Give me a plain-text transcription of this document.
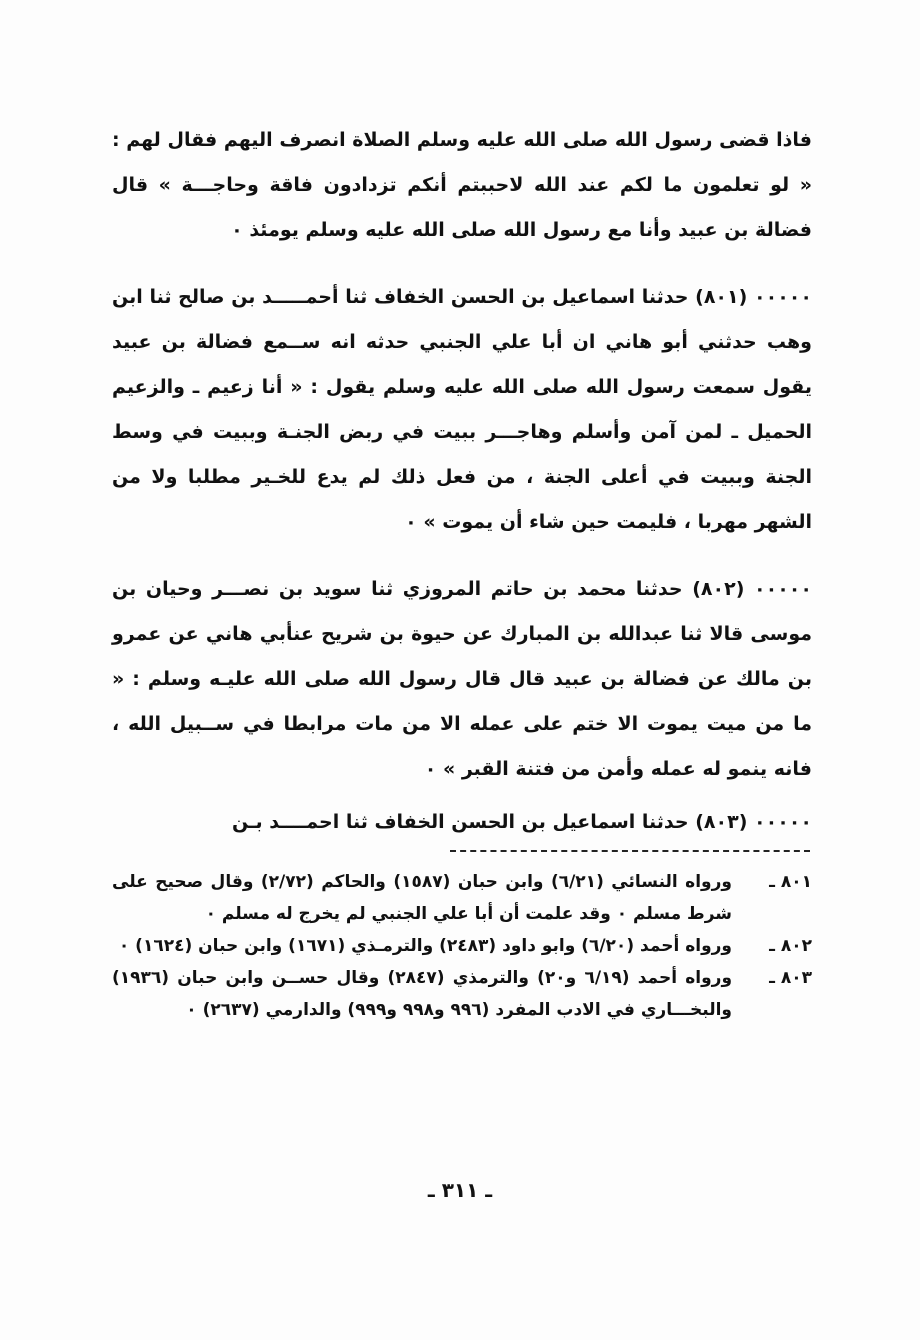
فاذا قضى رسول الله صلى الله عليه وسلم الصلاة انصرف اليهم فقال لهم : « لو تعلمون ما لكم عند الله لاحببتم أنكم تزدادون فاقة وحاجـــة » قال فضالة بن عبيد وأنا مع رسول الله صلى الله عليه وسلم يومئذ ٠

٠٠٠٠٠ (٨٠١) حدثنا اسماعيل بن الحسن الخفاف ثنا أحمـــــد بن صالح ثنا ابن وهب حدثني أبو هاني ان أبا علي الجنبي حدثه انه ســمع فضالة بن عبيد يقول سمعت رسول الله صلى الله عليه وسلم يقول : « أنا زعيم ـ والزعيم الحميل ـ لمن آمن وأسلم وهاجـــر ببيت في ربض الجنـة وببيت في وسط الجنة وببيت في أعلى الجنة ، من فعل ذلك لم يدع للخـير مطلبا ولا من الشهر مهربا ، فليمت حين شاء أن يموت » ٠

٠٠٠٠٠ (٨٠٢) حدثنا محمد بن حاتم المروزي ثنا سويد بن نصـــر وحيان بن موسى قالا ثنا عبدالله بن المبارك عن حيوة بن شريح عنأبي هاني عن عمرو بن مالك عن فضالة بن عبيد قال قال رسول الله صلى الله عليـه وسلم : « ما من ميت يموت الا ختم على عمله الا من مات مرابطا في ســبيل الله ، فانه ينمو له عمله وأمن من فتنة القبر » ٠

٠٠٠٠٠ (٨٠٣) حدثنا اسماعيل بن الحسن الخفاف ثنا احمــــد بـن

٨٠١ ـ
ورواه النسائي (٦/٢١) وابن حبان (١٥٨٧) والحاكم (٢/٧٢) وقال صحيح على شرط مسلم ٠ وقد علمت أن أبا علي الجنبي لم يخرج له مسلم ٠
٨٠٢ ـ
ورواه أحمد (٦/٢٠) وابو داود (٢٤٨٣) والترمـذي (١٦٧١) وابن حبان (١٦٢٤) ٠
٨٠٣ ـ
ورواه أحمد (٦/١٩ و٢٠) والترمذي (٢٨٤٧) وقال حســن وابن حبان (١٩٣٦) والبخـــاري في الادب المفرد (٩٩٦ و٩٩٨ و٩٩٩) والدارمي (٢٦٣٧) ٠
ـ ٣١١ ـ
